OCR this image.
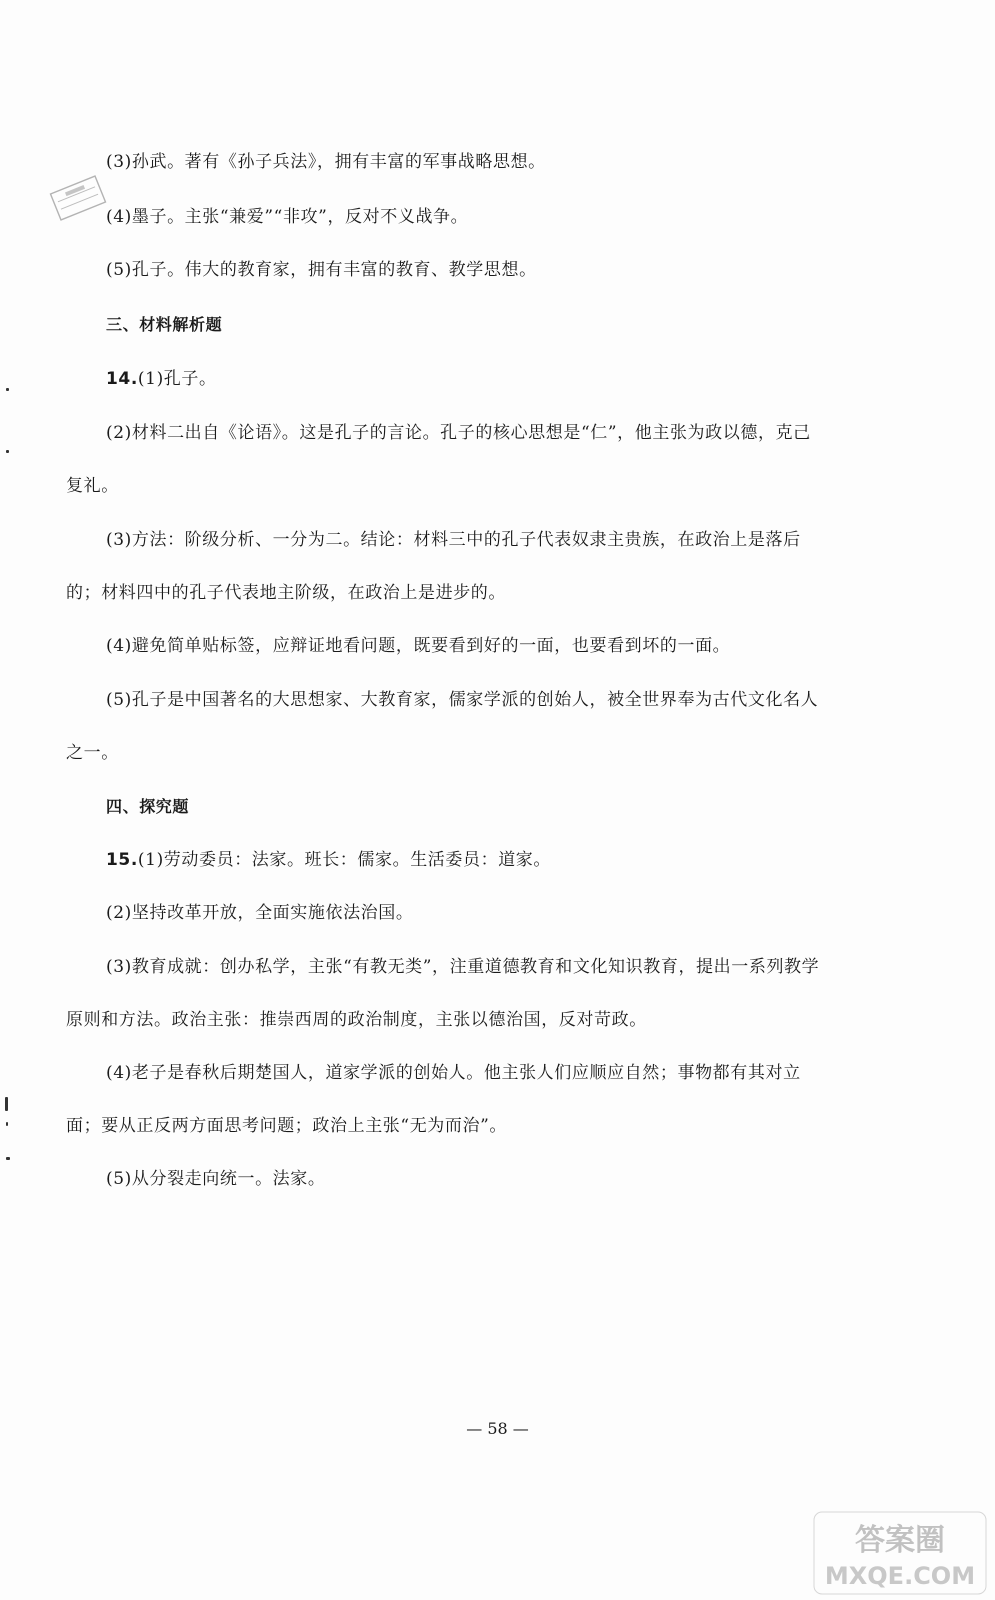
(3)孙武。著有《孙子兵法》，拥有丰富的军事战略思想。
(4)墨子。主张“兼爱”“非攻”，反对不义战争。
(5)孔子。伟大的教育家，拥有丰富的教育、教学思想。
三、材料解析题
14.(1)孔子。
(2)材料二出自《论语》。这是孔子的言论。孔子的核心思想是“仁”，他主张为政以德，克己
复礼。
(3)方法：阶级分析、一分为二。结论：材料三中的孔子代表奴隶主贵族，在政治上是落后
的；材料四中的孔子代表地主阶级，在政治上是进步的。
(4)避免简单贴标签，应辩证地看问题，既要看到好的一面，也要看到坏的一面。
(5)孔子是中国著名的大思想家、大教育家，儒家学派的创始人，被全世界奉为古代文化名人
之一。
四、探究题
15.(1)劳动委员：法家。班长：儒家。生活委员：道家。
(2)坚持改革开放，全面实施依法治国。
(3)教育成就：创办私学，主张“有教无类”，注重道德教育和文化知识教育，提出一系列教学
原则和方法。政治主张：推崇西周的政治制度，主张以德治国，反对苛政。
(4)老子是春秋后期楚国人，道家学派的创始人。他主张人们应顺应自然；事物都有其对立
面；要从正反两方面思考问题；政治上主张“无为而治”。
(5)从分裂走向统一。法家。
— 58 —
答案圈
MXQE.COM
